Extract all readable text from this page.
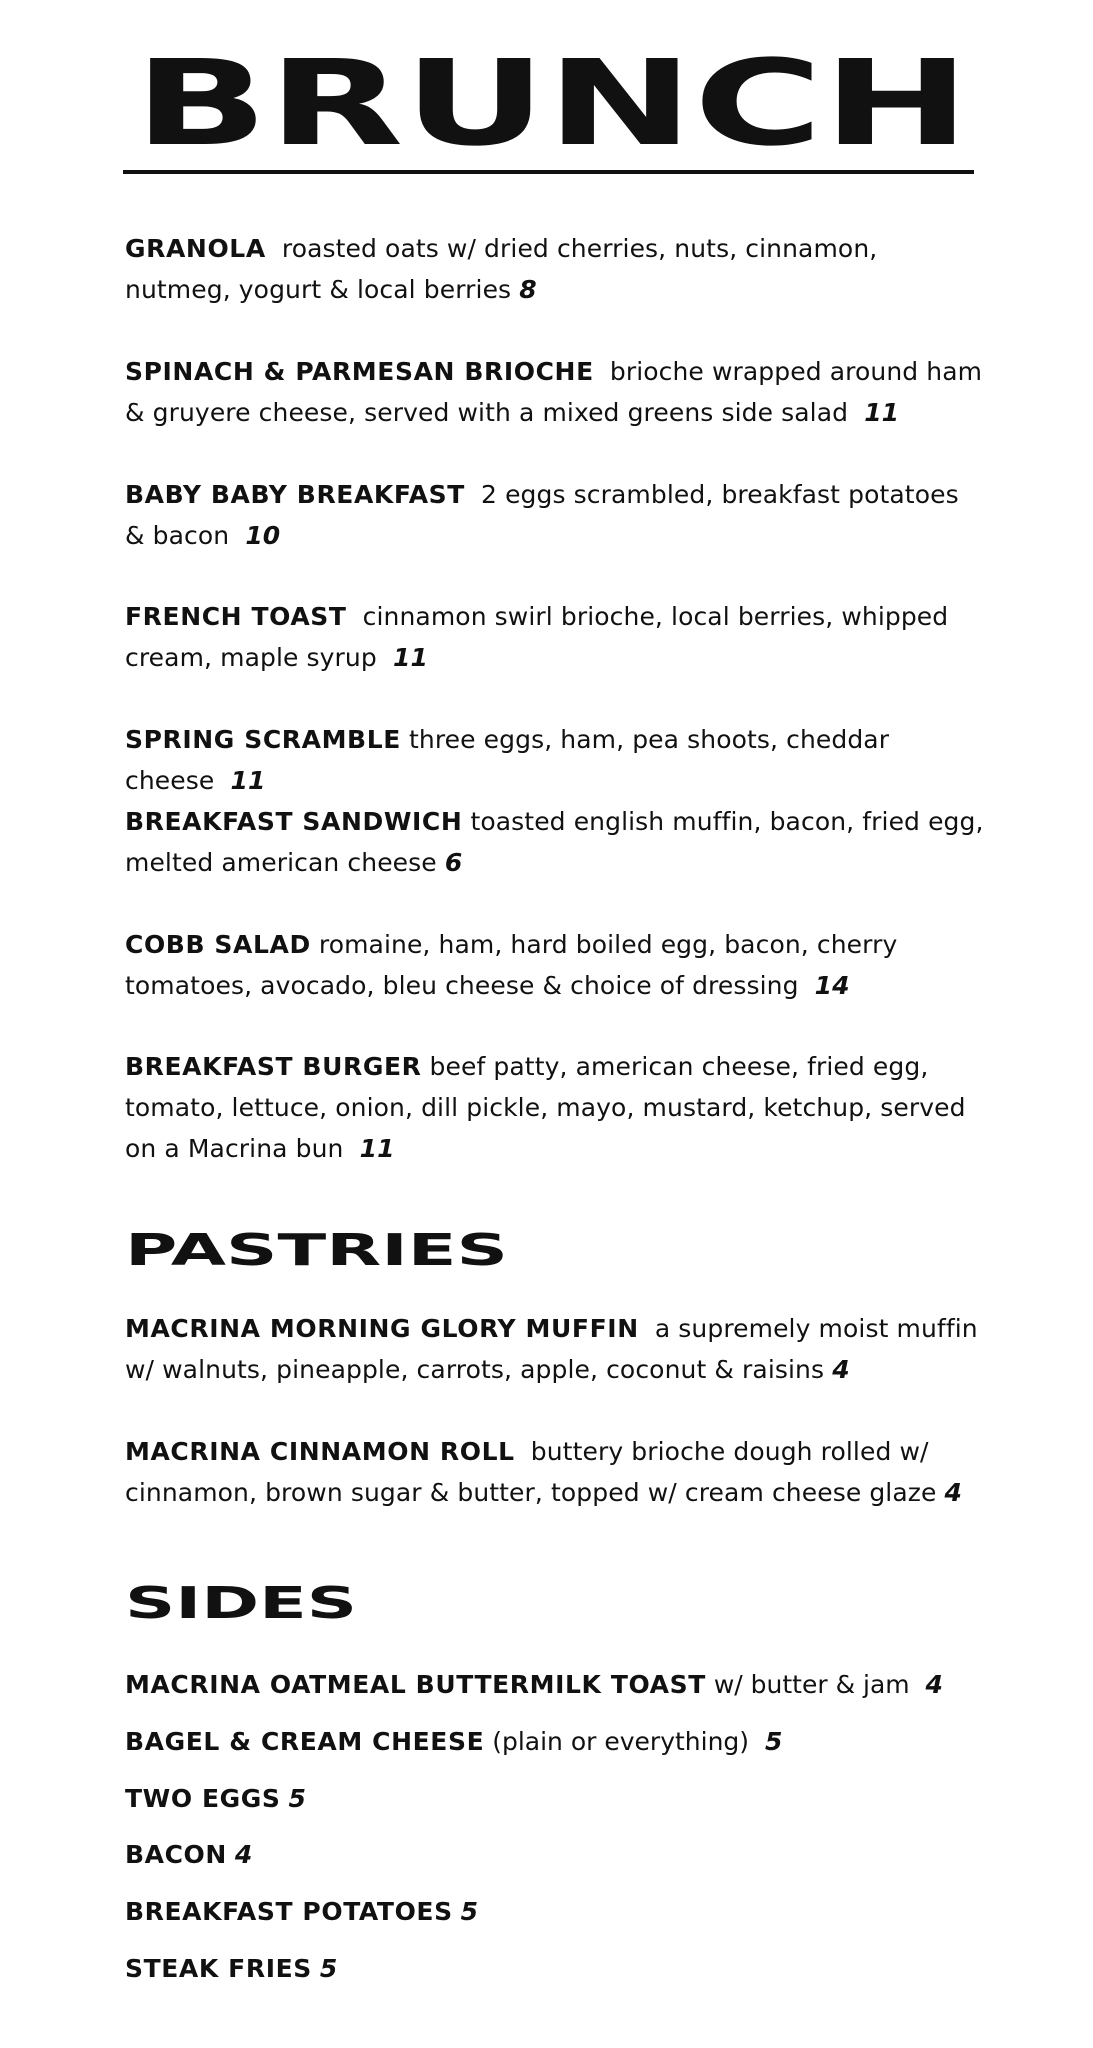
BRUNCH
GRANOLA roasted oats w/ dried cherries, nuts, cinnamon, nutmeg, yogurt & local berries 8
SPINACH & PARMESAN BRIOCHE brioche wrapped around ham & gruyere cheese, served with a mixed greens side salad 11
BABY BABY BREAKFAST 2 eggs scrambled, breakfast potatoes & bacon 10
FRENCH TOAST cinnamon swirl brioche, local berries, whipped cream, maple syrup 11
SPRING SCRAMBLE three eggs, ham, pea shoots, cheddar cheese 11
BREAKFAST SANDWICH toasted english muffin, bacon, fried egg, melted american cheese 6
COBB SALAD romaine, ham, hard boiled egg, bacon, cherry tomatoes, avocado, bleu cheese & choice of dressing 14
BREAKFAST BURGER beef patty, american cheese, fried egg, tomato, lettuce, onion, dill pickle, mayo, mustard, ketchup, served on a Macrina bun 11
PASTRIES
MACRINA MORNING GLORY MUFFIN a supremely moist muffin w/ walnuts, pineapple, carrots, apple, coconut & raisins 4
MACRINA CINNAMON ROLL buttery brioche dough rolled w/ cinnamon, brown sugar & butter, topped w/ cream cheese glaze 4
SIDES
MACRINA OATMEAL BUTTERMILK TOAST w/ butter & jam 4
BAGEL & CREAM CHEESE (plain or everything) 5
TWO EGGS 5
BACON 4
BREAKFAST POTATOES 5
STEAK FRIES 5
